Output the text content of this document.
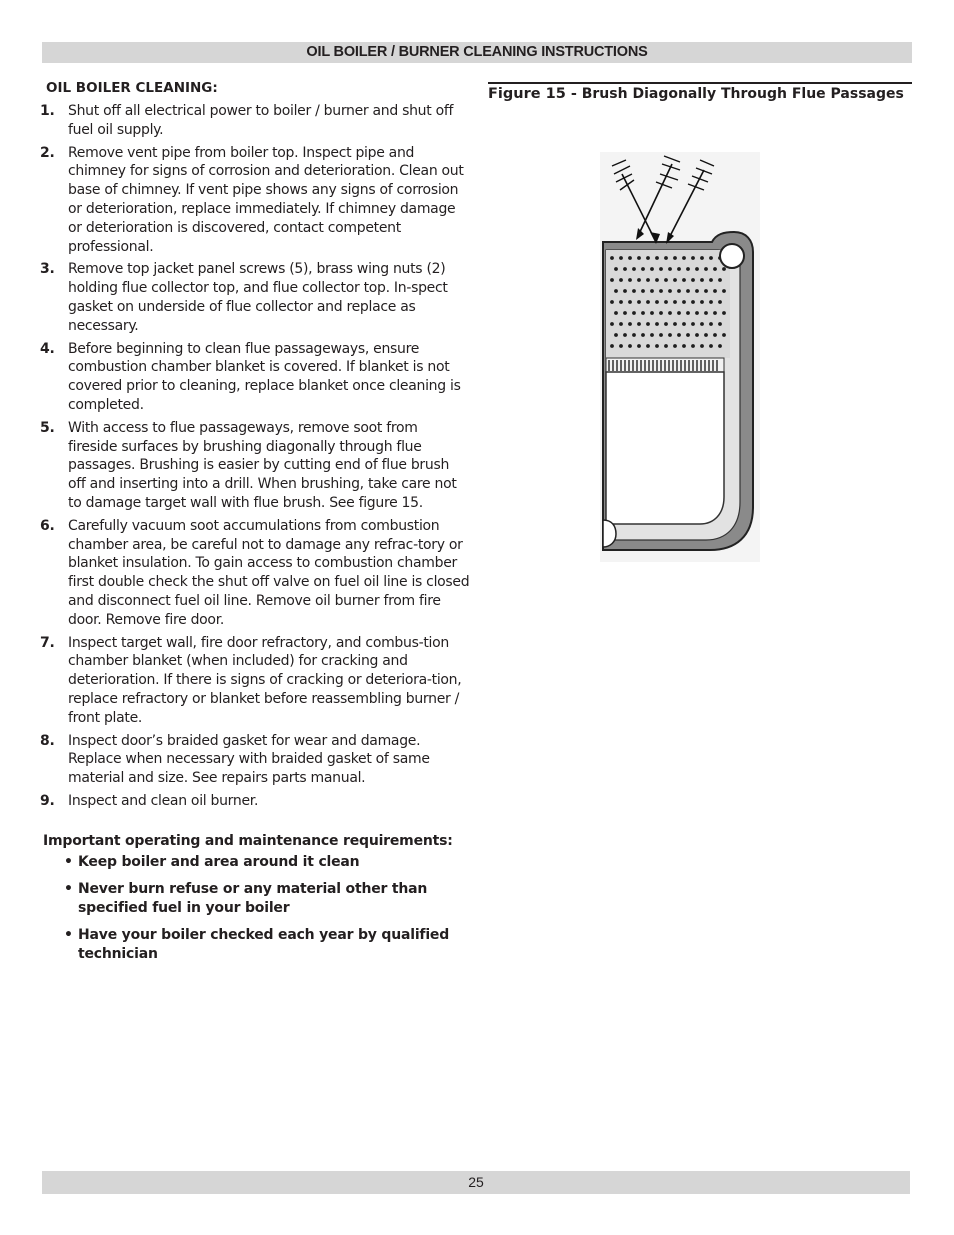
OIL BOILER / BURNER CLEANING INSTRUCTIONS
OIL BOILER CLEANING:
1. Shut off all electrical power to boiler / burner and shut off fuel oil supply.
2. Remove vent pipe from boiler top. Inspect pipe and chimney for signs of corrosion and deterioration. Clean out base of chimney. If vent pipe shows any signs of corrosion or deterioration, replace immediately. If chimney damage or deterioration is discovered, contact competent professional.
3. Remove top jacket panel screws (5), brass wing nuts (2) holding flue collector top, and flue collector top. In-spect gasket on underside of flue collector and replace as necessary.
4. Before beginning to clean flue passageways, ensure combustion chamber blanket is covered. If blanket is not covered prior to cleaning, replace blanket once cleaning is completed.
5. With access to flue passageways, remove soot from fireside surfaces by brushing diagonally through flue passages. Brushing is easier by cutting end of flue brush off and inserting into a drill. When brushing, take care not to damage target wall with flue brush. See figure 15.
6. Carefully vacuum soot accumulations from combustion chamber area, be careful not to damage any refrac-tory or blanket insulation. To gain access to combustion chamber first double check the shut off valve on fuel oil line is closed and disconnect fuel oil line. Remove oil burner from fire door. Remove fire door.
7. Inspect target wall, fire door refractory, and combus-tion chamber blanket (when included) for cracking and deterioration. If there is signs of cracking or deteriora-tion, replace refractory or blanket before reassembling burner / front plate.
8. Inspect door’s braided gasket for wear and damage. Replace when necessary with braided gasket of same material and size. See repairs parts manual.
9. Inspect and clean oil burner.
Important operating and maintenance requirements:
• Keep boiler and area around it clean
• Never burn refuse or any material other than specified fuel in your boiler
• Have your boiler checked each year by qualified technician
Figure 15 - Brush Diagonally Through Flue Passages
25
